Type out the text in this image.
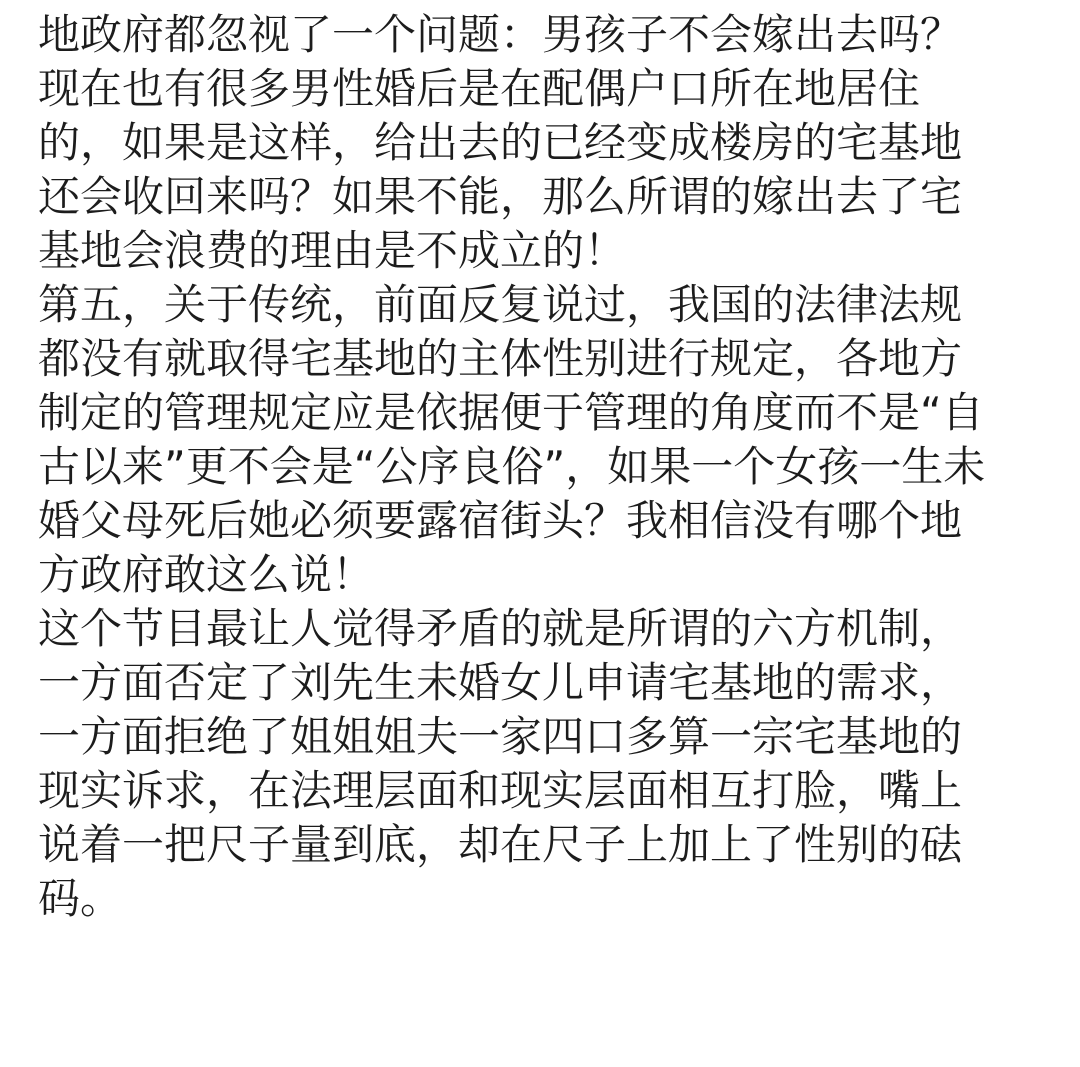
地政府都忽视了一个问题：男孩子不会嫁出去吗？
现在也有很多男性婚后是在配偶户口所在地居住
的，如果是这样，给出去的已经变成楼房的宅基地
还会收回来吗？如果不能，那么所谓的嫁出去了宅
基地会浪费的理由是不成立的！
第五，关于传统，前面反复说过，我国的法律法规
都没有就取得宅基地的主体性别进行规定，各地方
制定的管理规定应是依据便于管理的角度而不是“自
古以来”更不会是“公序良俗”，如果一个女孩一生未
婚父母死后她必须要露宿街头？我相信没有哪个地
方政府敢这么说！
这个节目最让人觉得矛盾的就是所谓的六方机制，
一方面否定了刘先生未婚女儿申请宅基地的需求，
一方面拒绝了姐姐姐夫一家四口多算一宗宅基地的
现实诉求，在法理层面和现实层面相互打脸，嘴上
说着一把尺子量到底，却在尺子上加上了性别的砝
码。
